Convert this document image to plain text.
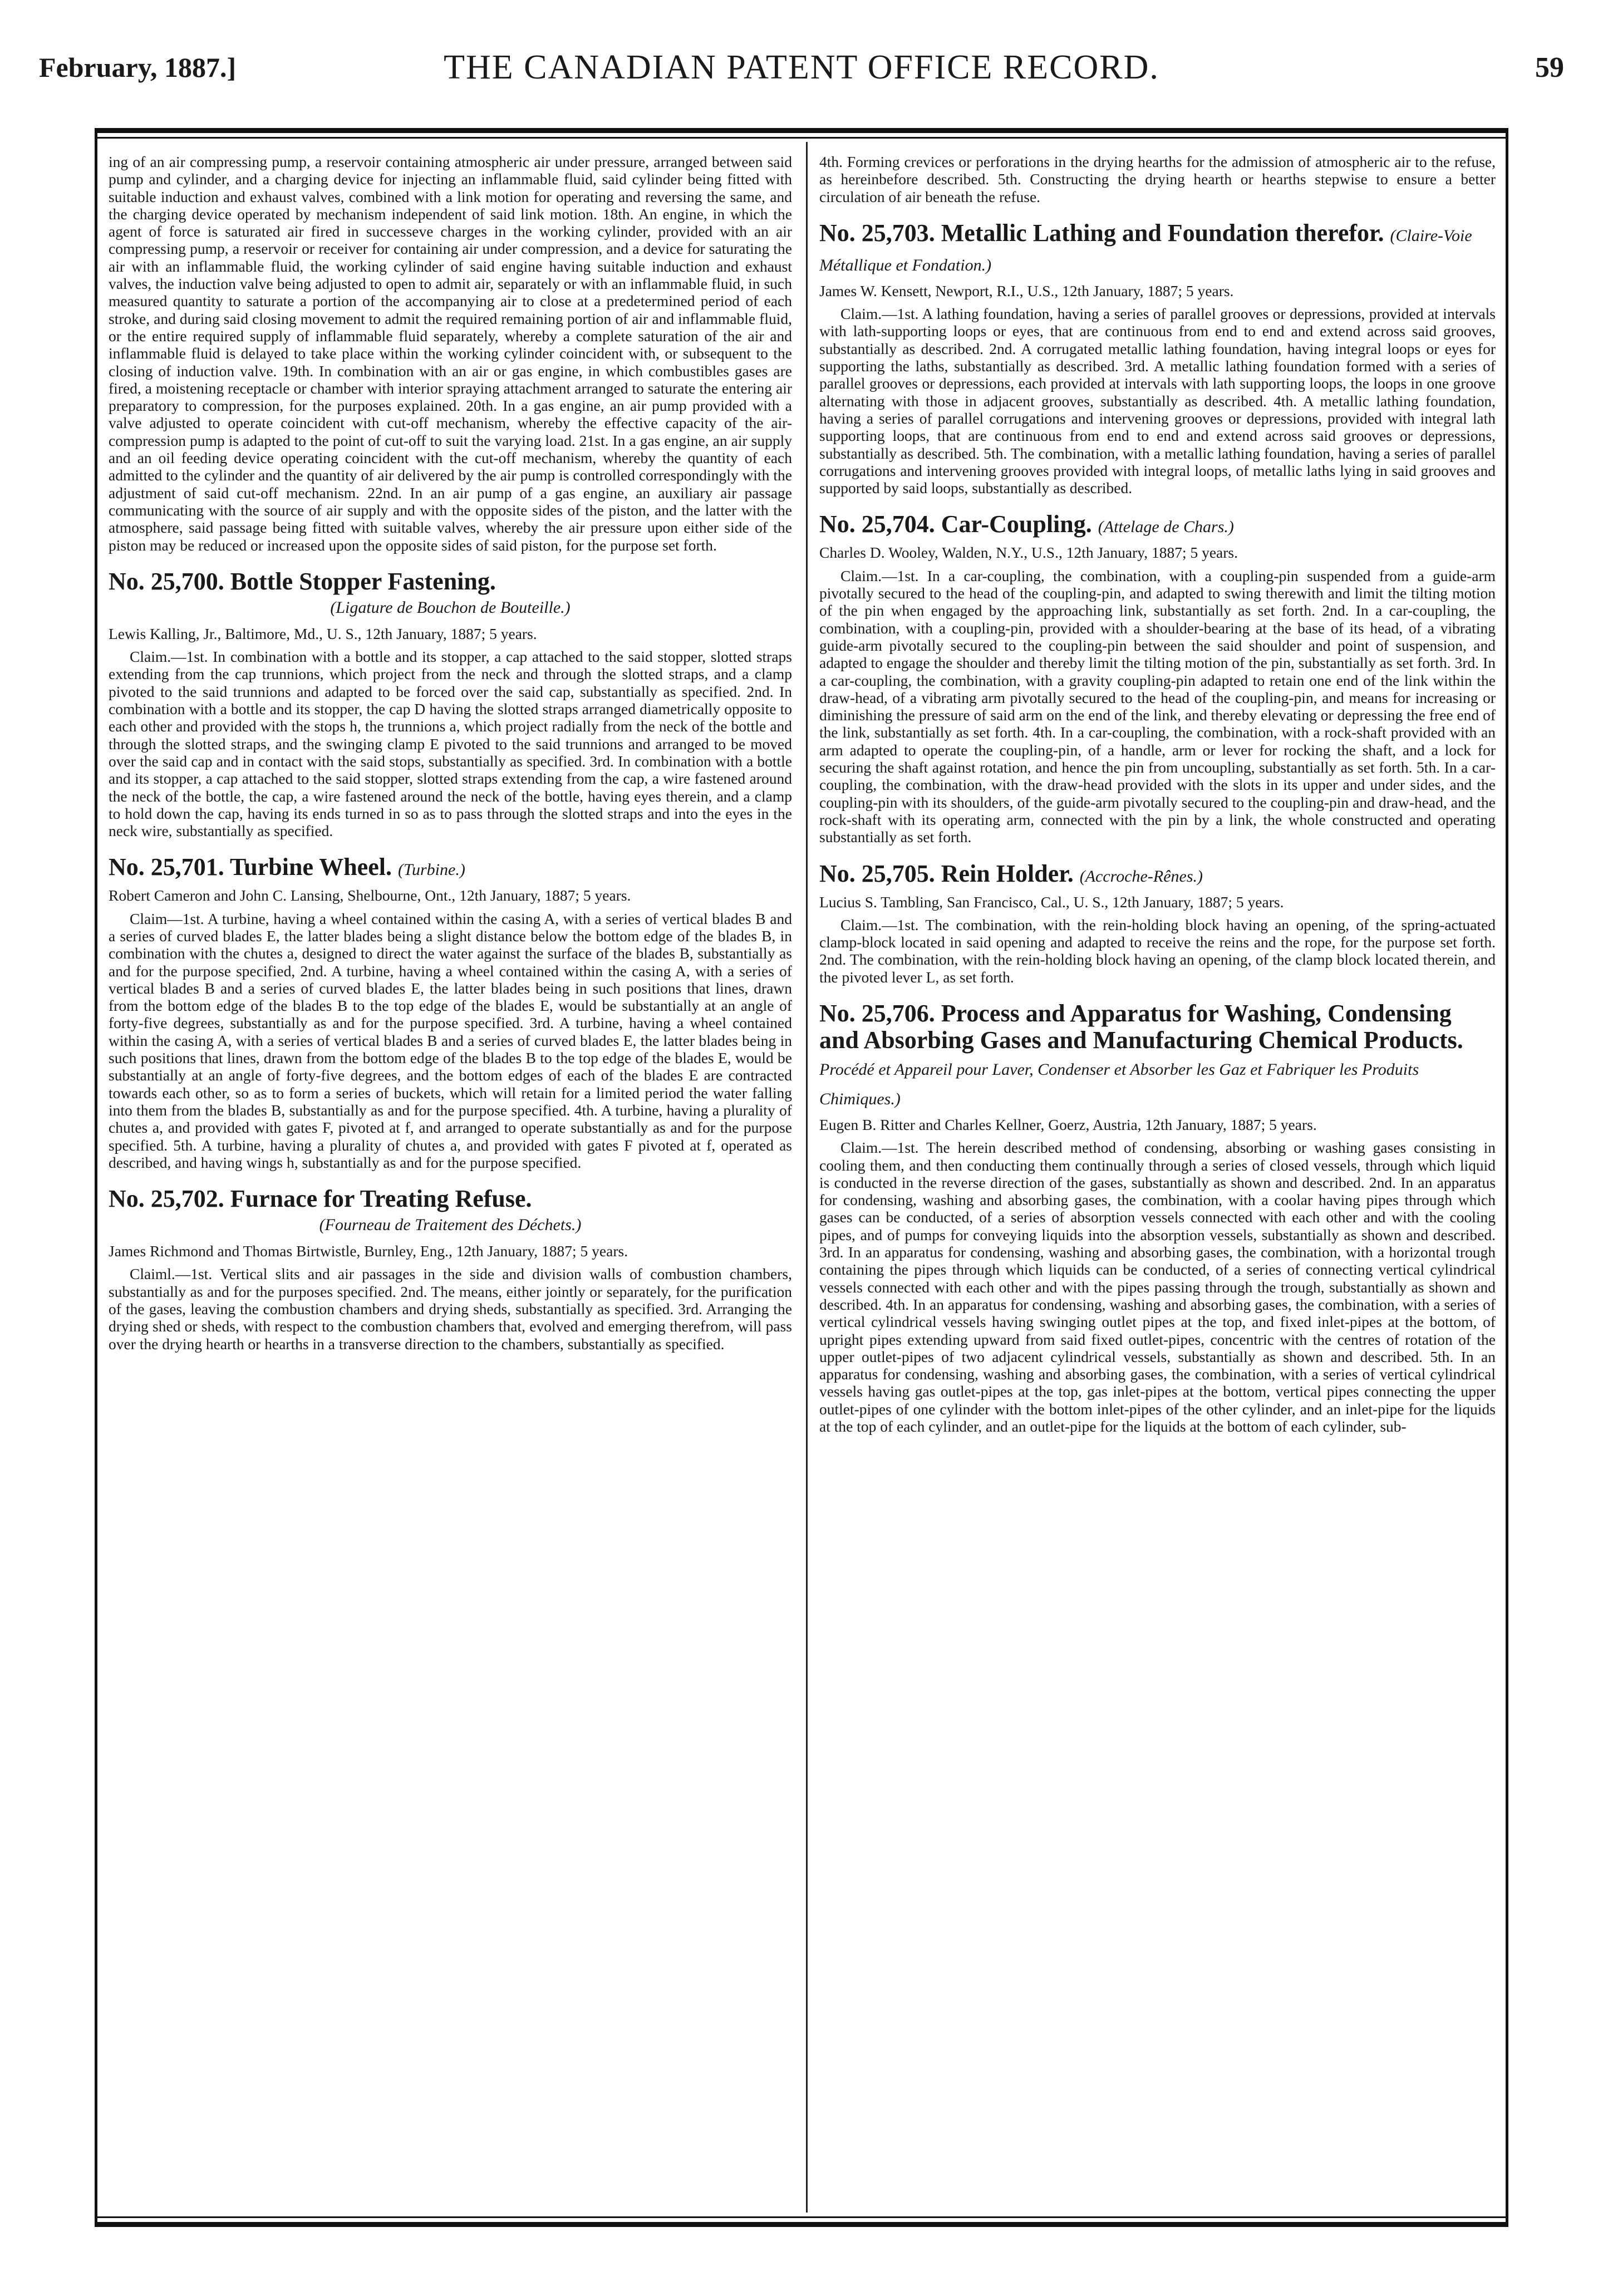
February, 1887.]	THE CANADIAN PATENT OFFICE RECORD.	59

ing of an air compressing pump, a reservoir containing atmospheric air under pressure, arranged between said pump and cylinder, and a charging device for injecting an inflammable fluid, said cylinder being fitted with suitable induction and exhaust valves, combined with a link motion for operating and reversing the same, and the charging device operated by mechanism independent of said link motion. 18th. An engine, in which the agent of force is saturated air fired in successeve charges in the working cylinder, provided with an air compressing pump, a reservoir or receiver for containing air under compression, and a device for saturating the air with an inflammable fluid, the working cylinder of said engine having suitable induction and exhaust valves, the induction valve being adjusted to open to admit air, separately or with an inflammable fluid, in such measured quantity to saturate a portion of the accompanying air to close at a predetermined period of each stroke, and during said closing movement to admit the required remaining portion of air and inflammable fluid, or the entire required supply of inflammable fluid separately, whereby a complete saturation of the air and inflammable fluid is delayed to take place within the working cylinder coincident with, or subsequent to the closing of induction valve. 19th. In combination with an air or gas engine, in which combustibles gases are fired, a moistening receptacle or chamber with interior spraying attachment arranged to saturate the entering air preparatory to compression, for the purposes explained. 20th. In a gas engine, an air pump provided with a valve adjusted to operate coincident with cut-off mechanism, whereby the effective capacity of the air-compression pump is adapted to the point of cut-off to suit the varying load. 21st. In a gas engine, an air supply and an oil feeding device operating coincident with the cut-off mechanism, whereby the quantity of each admitted to the cylinder and the quantity of air delivered by the air pump is controlled correspondingly with the adjustment of said cut-off mechanism. 22nd. In an air pump of a gas engine, an auxiliary air passage communicating with the source of air supply and with the opposite sides of the piston, and the latter with the atmosphere, said passage being fitted with suitable valves, whereby the air pressure upon either side of the piston may be reduced or increased upon the opposite sides of said piston, for the purpose set forth.

No. 25,700. Bottle Stopper Fastening.
(Ligature de Bouchon de Bouteille.)

Lewis Kalling, Jr., Baltimore, Md., U. S., 12th January, 1887; 5 years.

Claim.—1st. In combination with a bottle and its stopper, a cap attached to the said stopper, slotted straps extending from the cap trunnions, which project from the neck and through the slotted straps, and a clamp pivoted to the said trunnions and adapted to be forced over the said cap, substantially as specified. 2nd. In combination with a bottle and its stopper, the cap D having the slotted straps arranged diametrically opposite to each other and provided with the stops h, the trunnions a, which project radially from the neck of the bottle and through the slotted straps, and the swinging clamp E pivoted to the said trunnions and arranged to be moved over the said cap and in contact with the said stops, substantially as specified. 3rd. In combination with a bottle and its stopper, a cap attached to the said stopper, slotted straps extending from the cap, a wire fastened around the neck of the bottle, the cap, a wire fastened around the neck of the bottle, having eyes therein, and a clamp to hold down the cap, having its ends turned in so as to pass through the slotted straps and into the eyes in the neck wire, substantially as specified.

No. 25,701. Turbine Wheel. (Turbine.)

Robert Cameron and John C. Lansing, Shelbourne, Ont., 12th January, 1887; 5 years.

Claim—1st. A turbine, having a wheel contained within the casing A, with a series of vertical blades B and a series of curved blades E, the latter blades being a slight distance below the bottom edge of the blades B, in combination with the chutes a, designed to direct the water against the surface of the blades B, substantially as and for the purpose specified, 2nd. A turbine, having a wheel contained within the casing A, with a series of vertical blades B and a series of curved blades E, the latter blades being in such positions that lines, drawn from the bottom edge of the blades B to the top edge of the blades E, would be substantially at an angle of forty-five degrees, substantially as and for the purpose specified. 3rd. A turbine, having a wheel contained within the casing A, with a series of vertical blades B and a series of curved blades E, the latter blades being in such positions that lines, drawn from the bottom edge of the blades B to the top edge of the blades E, would be substantially at an angle of forty-five degrees, and the bottom edges of each of the blades E are contracted towards each other, so as to form a series of buckets, which will retain for a limited period the water falling into them from the blades B, substantially as and for the purpose specified. 4th. A turbine, having a plurality of chutes a, and provided with gates F, pivoted at f, and arranged to operate substantially as and for the purpose specified. 5th. A turbine, having a plurality of chutes a, and provided with gates F pivoted at f, operated as described, and having wings h, substantially as and for the purpose specified.

No. 25,702. Furnace for Treating Refuse.
(Fourneau de Traitement des Déchets.)

James Richmond and Thomas Birtwistle, Burnley, Eng., 12th January, 1887; 5 years.

Claiml.—1st. Vertical slits and air passages in the side and division walls of combustion chambers, substantially as and for the purposes specified. 2nd. The means, either jointly or separately, for the purification of the gases, leaving the combustion chambers and drying sheds, substantially as specified. 3rd. Arranging the drying shed or sheds, with respect to the combustion chambers that, evolved and emerging therefrom, will pass over the drying hearth or hearths in a transverse direction to the chambers, substantially as specified.

4th. Forming crevices or perforations in the drying hearths for the admission of atmospheric air to the refuse, as hereinbefore described. 5th. Constructing the drying hearth or hearths stepwise to ensure a better circulation of air beneath the refuse.

No. 25,703. Metallic Lathing and Foundation therefor. (Claire-Voie Métallique et Fondation.)

James W. Kensett, Newport, R.I., U.S., 12th January, 1887; 5 years.

Claim.—1st. A lathing foundation, having a series of parallel grooves or depressions, provided at intervals with lath-supporting loops or eyes, that are continuous from end to end and extend across said grooves, substantially as described. 2nd. A corrugated metallic lathing foundation, having integral loops or eyes for supporting the laths, substantially as described. 3rd. A metallic lathing foundation formed with a series of parallel grooves or depressions, each provided at intervals with lath supporting loops, the loops in one groove alternating with those in adjacent grooves, substantially as described. 4th. A metallic lathing foundation, having a series of parallel corrugations and intervening grooves or depressions, provided with integral lath supporting loops, that are continuous from end to end and extend across said grooves or depressions, substantially as described. 5th. The combination, with a metallic lathing foundation, having a series of parallel corrugations and intervening grooves provided with integral loops, of metallic laths lying in said grooves and supported by said loops, substantially as described.

No. 25,704. Car-Coupling. (Attelage de Chars.)

Charles D. Wooley, Walden, N.Y., U.S., 12th January, 1887; 5 years.

Claim.—1st. In a car-coupling, the combination, with a coupling-pin suspended from a guide-arm pivotally secured to the head of the coupling-pin, and adapted to swing therewith and limit the tilting motion of the pin when engaged by the approaching link, substantially as set forth. 2nd. In a car-coupling, the combination, with a coupling-pin, provided with a shoulder-bearing at the base of its head, of a vibrating guide-arm pivotally secured to the coupling-pin between the said shoulder and point of suspension, and adapted to engage the shoulder and thereby limit the tilting motion of the pin, substantially as set forth. 3rd. In a car-coupling, the combination, with a gravity coupling-pin adapted to retain one end of the link within the draw-head, of a vibrating arm pivotally secured to the head of the coupling-pin, and means for increasing or diminishing the pressure of said arm on the end of the link, and thereby elevating or depressing the free end of the link, substantially as set forth. 4th. In a car-coupling, the combination, with a rock-shaft provided with an arm adapted to operate the coupling-pin, of a handle, arm or lever for rocking the shaft, and a lock for securing the shaft against rotation, and hence the pin from uncoupling, substantially as set forth. 5th. In a car-coupling, the combination, with the draw-head provided with the slots in its upper and under sides, and the coupling-pin with its shoulders, of the guide-arm pivotally secured to the coupling-pin and draw-head, and the rock-shaft with its operating arm, connected with the pin by a link, the whole constructed and operating substantially as set forth.

No. 25,705. Rein Holder. (Accroche-Rênes.)

Lucius S. Tambling, San Francisco, Cal., U. S., 12th January, 1887; 5 years.

Claim.—1st. The combination, with the rein-holding block having an opening, of the spring-actuated clamp-block located in said opening and adapted to receive the reins and the rope, for the purpose set forth. 2nd. The combination, with the rein-holding block having an opening, of the clamp block located therein, and the pivoted lever L, as set forth.

No. 25,706. Process and Apparatus for Washing, Condensing and Absorbing Gases and Manufacturing Chemical Products. Procédé et Appareil pour Laver, Condenser et Absorber les Gaz et Fabriquer les Produits Chimiques.)

Eugen B. Ritter and Charles Kellner, Goerz, Austria, 12th January, 1887; 5 years.

Claim.—1st. The herein described method of condensing, absorbing or washing gases consisting in cooling them, and then conducting them continually through a series of closed vessels, through which liquid is conducted in the reverse direction of the gases, substantially as shown and described. 2nd. In an apparatus for condensing, washing and absorbing gases, the combination, with a coolar having pipes through which gases can be conducted, of a series of absorption vessels connected with each other and with the cooling pipes, and of pumps for conveying liquids into the absorption vessels, substantially as shown and described. 3rd. In an apparatus for condensing, washing and absorbing gases, the combination, with a horizontal trough containing the pipes through which liquids can be conducted, of a series of connecting vertical cylindrical vessels connected with each other and with the pipes passing through the trough, substantially as shown and described. 4th. In an apparatus for condensing, washing and absorbing gases, the combination, with a series of vertical cylindrical vessels having swinging outlet pipes at the top, and fixed inlet-pipes at the bottom, of upright pipes extending upward from said fixed outlet-pipes, concentric with the centres of rotation of the upper outlet-pipes of two adjacent cylindrical vessels, substantially as shown and described. 5th. In an apparatus for condensing, washing and absorbing gases, the combination, with a series of vertical cylindrical vessels having gas outlet-pipes at the top, gas inlet-pipes at the bottom, vertical pipes connecting the upper outlet-pipes of one cylinder with the bottom inlet-pipes of the other cylinder, and an inlet-pipe for the liquids at the top of each cylinder, and an outlet-pipe for the liquids at the bottom of each cylinder, sub-
